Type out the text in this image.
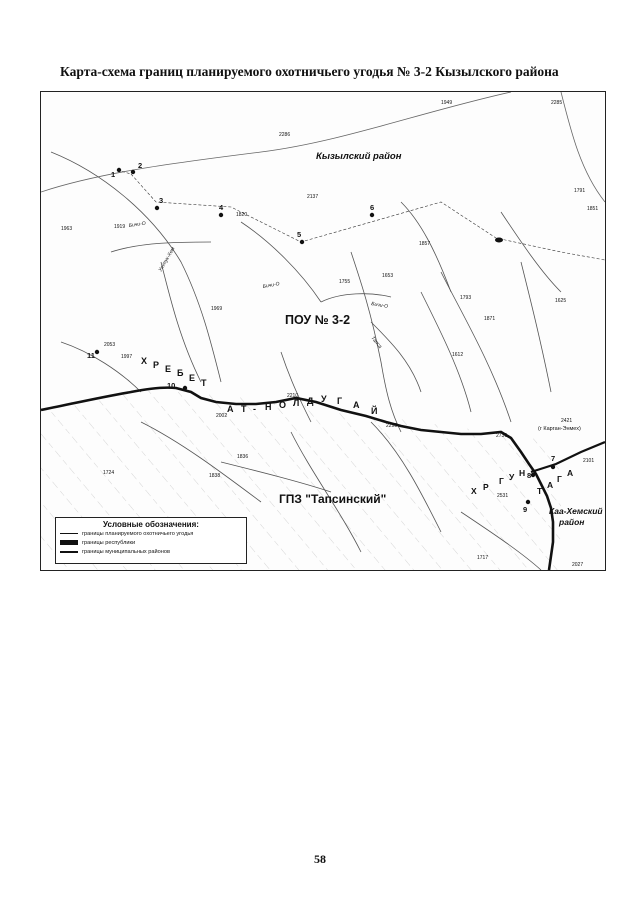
Карта-схема границ планируемого охотничьего угодья № 3-2 Кызылского района
1
2
3
4
5
6
7
8
9
10
11
1949	2285
2286
1791
1851
2137
1963	1919
1820
1857
1755
1653
1793	1625
1871
1969
2053
1997	1612
2210
2002
2298
2421
2736
2101
1836
1724	1838
2531
1717
2027
Бичи-О
Уттук-Хем
Бичи-О
Тапса
Бичи-О
Кызылский район
ПОУ № 3-2
ГПЗ "Тапсинский"
Каа-Хемский
район
(г Карган-Энмех)
Х Р Е Б Е Т
А Т - Н О Л Д У Г А
Й
Х Р
Г У Н
Т
А
Г
А
Условные обозначения:
границы планируемого охотничьего угодья
границы республики
границы муниципальных районов
58
